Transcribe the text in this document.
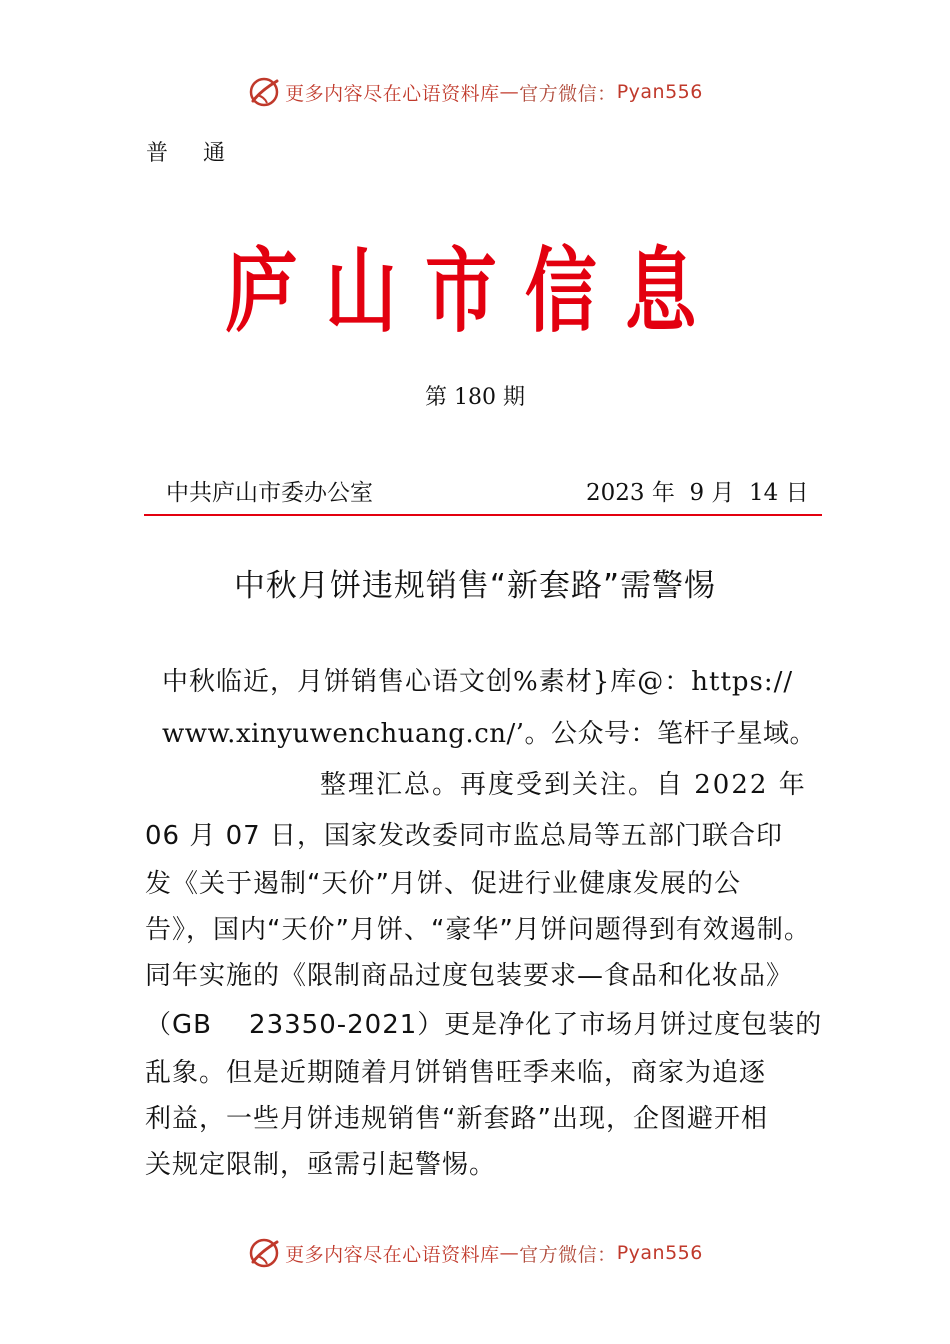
更多内容尽在心语资料库 — 官方微信： Pyan556
普 通
庐山市信息
第 180 期
中共庐山市委办公室	2023 年  9 月  14 日
中秋月饼违规销售“新套路”需警惕
中秋临近，月饼销售心语文创%素材}库@：https://
www.xinyuwenchuang.cn/’。公众号：笔杆子星域。
整理汇总。再度受到关注。自 2022 年
06 月 07 日，国家发改委同市监总局等五部门联合印
发《关于遏制“天价”月饼、促进行业健康发展的公
告》，国内“天价”月饼、“豪华”月饼问题得到有效遏制。
同年实施的《限制商品过度包装要求—食品和化妆品》
（GB    23350-2021）更是净化了市场月饼过度包装的
乱象。但是近期随着月饼销售旺季来临，商家为追逐
利益，一些月饼违规销售“新套路”出现，企图避开相
关规定限制，亟需引起警惕。
更多内容尽在心语资料库 — 官方微信： Pyan556
